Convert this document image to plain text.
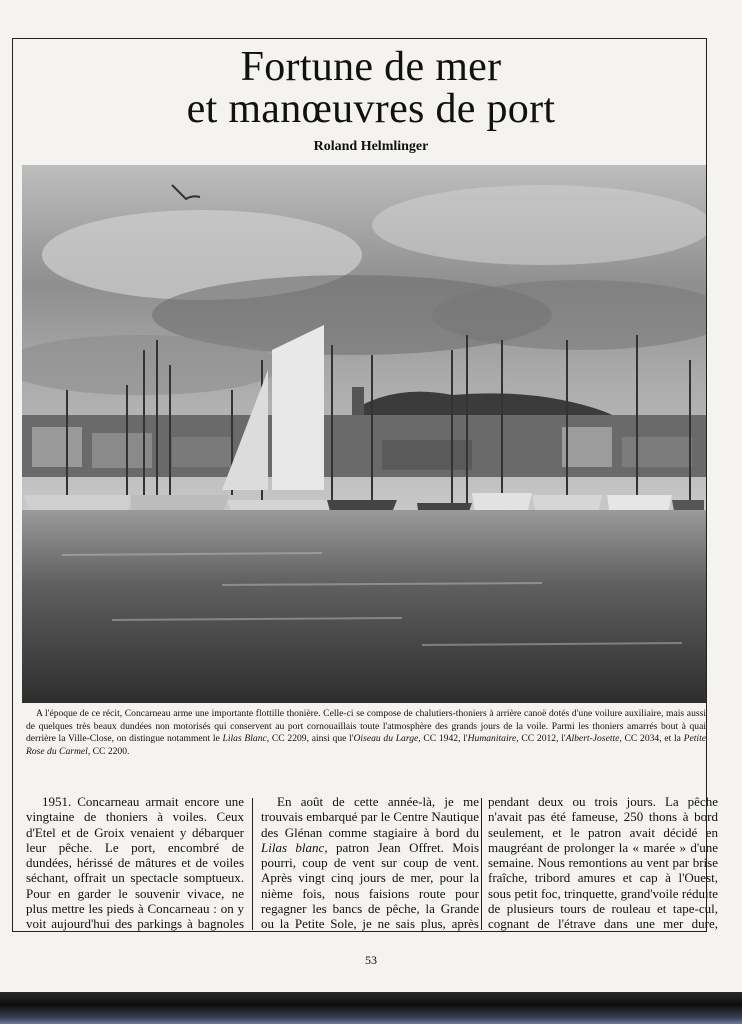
Fortune de mer
et manœuvres de port
Roland Helmlinger
A l'époque de ce récit, Concarneau arme une importante flottille thonière. Celle-ci se compose de chalutiers-thoniers à arrière canoë dotés d'une voilure auxiliaire, mais aussi de quelques très beaux dundées non motorisés qui conservent au port cornouaillais toute l'atmosphère des grands jours de la voile. Parmi les thoniers amarrés bout à quai derrière la Ville-Close, on distingue notamment le Lilas Blanc, CC 2209, ainsi que l'Oiseau du Large, CC 1942, l'Humanitaire, CC 2012, l'Albert-Josette, CC 2034, et la Petite Rose du Carmel, CC 2200.
1951. Concarneau armait encore une vingtaine de thoniers à voiles. Ceux d'Etel et de Groix venaient y débarquer leur pêche. Le port, encombré de dundées, hérissé de mâtures et de voiles séchant, offrait un spectacle somptueux. Pour en garder le souvenir vivace, ne plus mettre les pieds à Concarneau : on y voit aujourd'hui des parkings à bagnoles
En août de cette année-là, je me trouvais embarqué par le Centre Nautique des Glénan comme stagiaire à bord du Lilas blanc, patron Jean Offret. Mois pourri, coup de vent sur coup de vent. Après vingt cinq jours de mer, pour la nième fois, nous faisions route pour regagner les bancs de pêche, la Grande ou la Petite Sole, je ne sais plus, après
pendant deux ou trois jours. La pêche n'avait pas été fameuse, 250 thons à bord seulement, et le patron avait décidé en maugréant de prolonger la « marée » d'une semaine. Nous remontions au vent par brise fraîche, tribord amures et cap à l'Ouest, sous petit foc, trinquette, grand'voile réduite de plusieurs tours de rouleau et tape-cul, cognant de l'étrave dans une mer dure,
53
